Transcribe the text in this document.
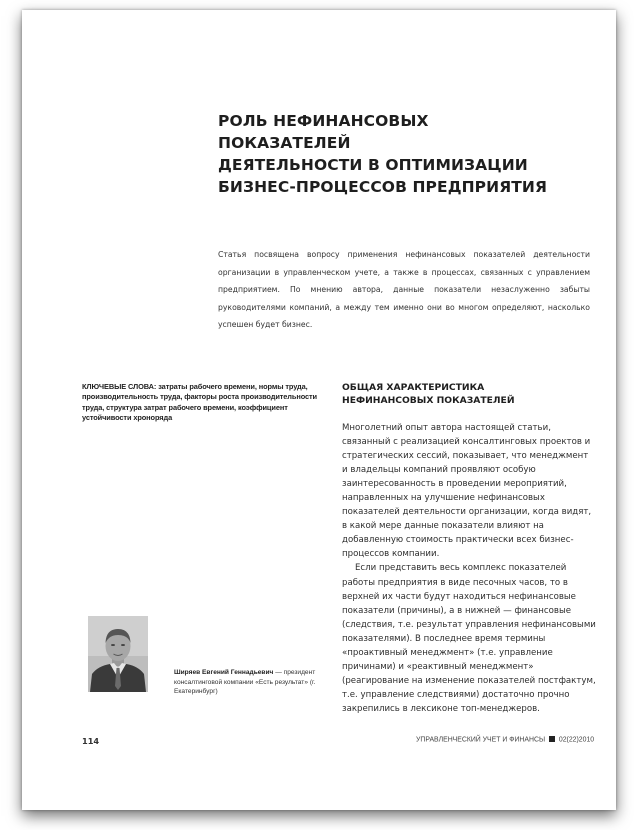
РОЛЬ НЕФИНАНСОВЫХ ПОКАЗАТЕЛЕЙ
ДЕЯТЕЛЬНОСТИ В ОПТИМИЗАЦИИ
БИЗНЕС-ПРОЦЕССОВ ПРЕДПРИЯТИЯ

Статья посвящена вопросу применения нефинансовых показателей деятельности организации в управленческом учете, а также в процессах, связанных с управлением предприятием. По мнению автора, данные показатели незаслуженно забыты руководителями компаний, а между тем именно они во многом определяют, насколько успешен будет бизнес.

КЛЮЧЕВЫЕ СЛОВА: затраты рабочего времени, нормы труда, производительность труда, факторы роста производительности труда, структура затрат рабочего времени, коэффициент устойчивости хронорядa

ОБЩАЯ ХАРАКТЕРИСТИКА
НЕФИНАНСОВЫХ ПОКАЗАТЕЛЕЙ

Многолетний опыт автора настоящей статьи, связанный с реализацией консалтинговых проектов и стратегических сессий, показывает, что менеджмент и владельцы компаний проявляют особую заинтересованность в проведении мероприятий, направленных на улучшение нефинансовых показателей деятельности организации, когда видят, в какой мере данные показатели влияют на добавленную стоимость практически всех бизнес-процессов компании.

Если представить весь комплекс показателей работы предприятия в виде песочных часов, то в верхней их части будут находиться нефинансовые показатели (причины), а в нижней — финансовые (следствия, т.е. результат управления нефинансовыми показателями). В последнее время термины «проактивный менеджмент» (т.е. управление причинами) и «реактивный менеджмент» (реагирование на изменение показателей постфактум, т.е. управление следствиями) достаточно прочно закрепились в лексиконе топ-менеджеров.

Ширяев Евгений Геннадьевич — президент консалтинговой компании «Есть результат» (г. Екатеринбург)

114	УПРАВЛЕНЧЕСКИЙ УЧЕТ И ФИНАНСЫ 02(22)2010
